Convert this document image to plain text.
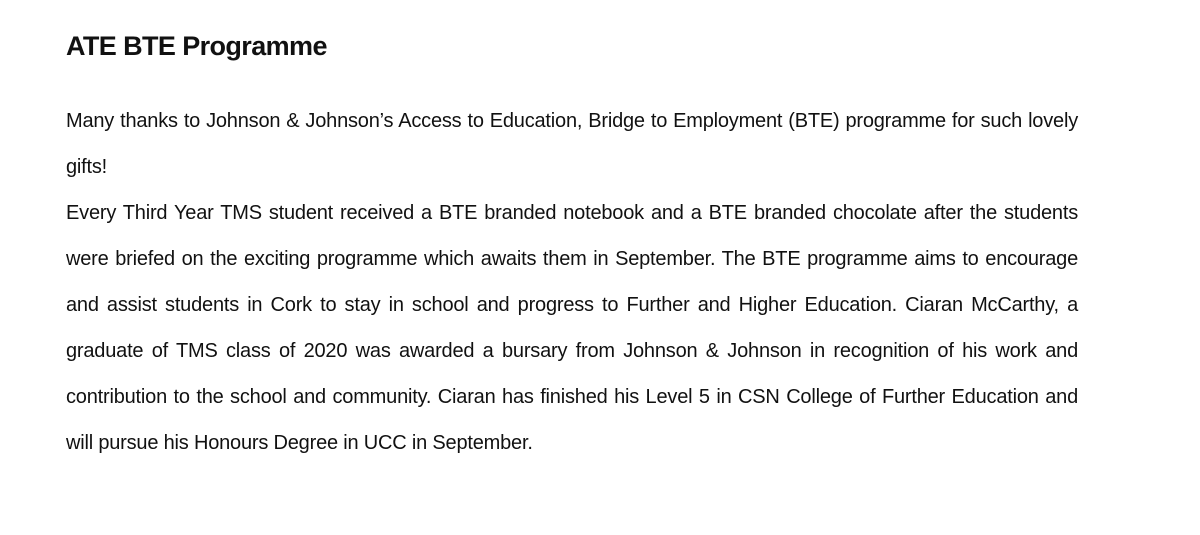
ATE BTE Programme

Many thanks to Johnson & Johnson’s Access to Education, Bridge to Employment (BTE) programme for such lovely gifts!

Every Third Year TMS student received a BTE branded notebook and a BTE branded chocolate after the students were briefed on the exciting programme which awaits them in September. The BTE programme aims to encourage and assist students in Cork to stay in school and progress to Further and Higher Education. Ciaran McCarthy, a graduate of TMS class of 2020 was awarded a bursary from Johnson & Johnson in recognition of his work and contribution to the school and community. Ciaran has finished his Level 5 in CSN College of Further Education and will pursue his Honours Degree in UCC in September.
